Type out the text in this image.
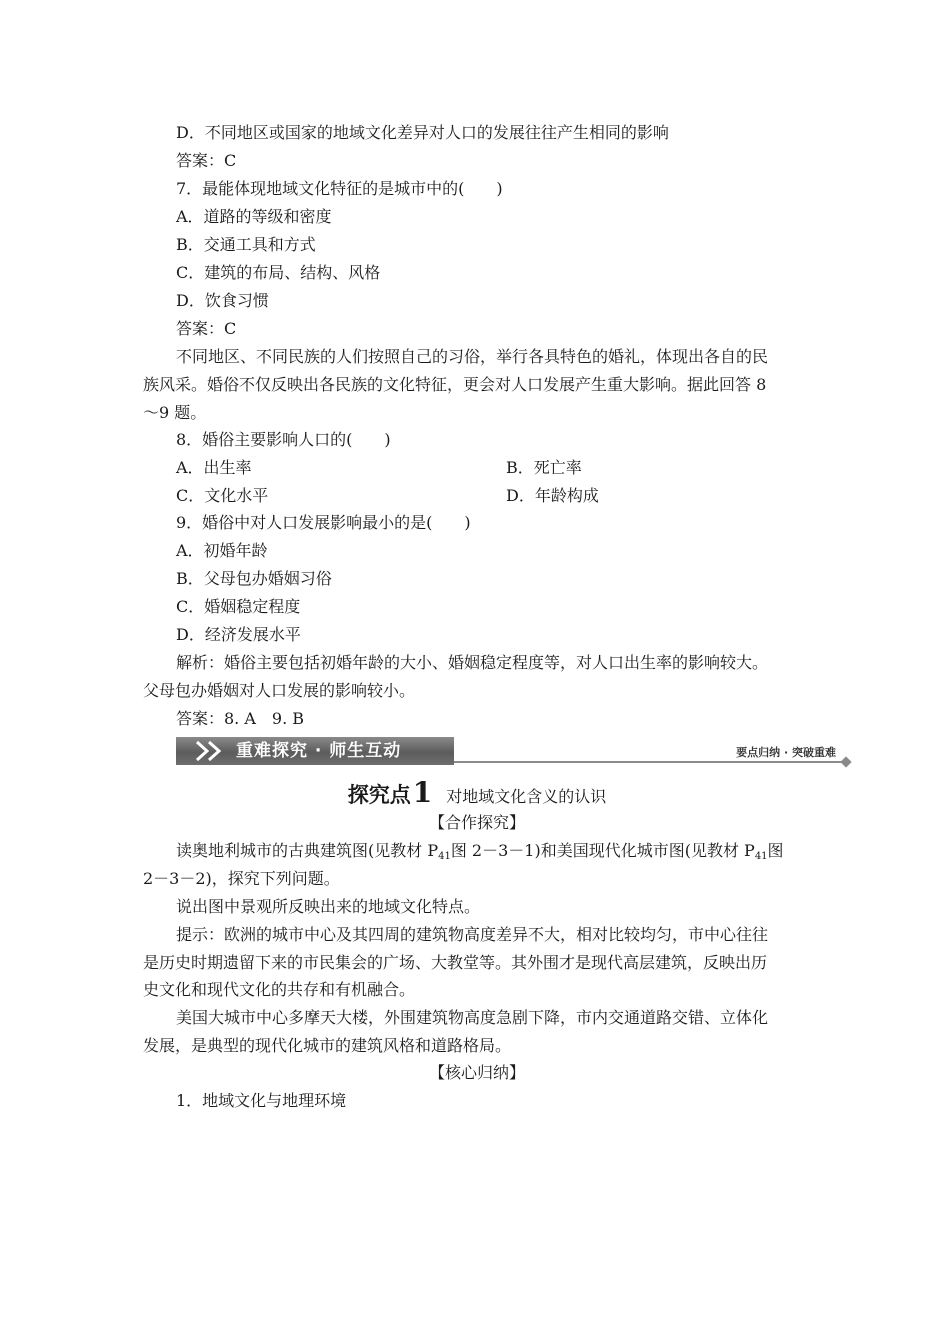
D．不同地区或国家的地域文化差异对人口的发展往往产生相同的影响
答案：C
7．最能体现地域文化特征的是城市中的(　　)
A．道路的等级和密度
B．交通工具和方式
C．建筑的布局、结构、风格
D．饮食习惯
答案：C
不同地区、不同民族的人们按照自己的习俗，举行各具特色的婚礼，体现出各自的民
族风采。婚俗不仅反映出各民族的文化特征，更会对人口发展产生重大影响。据此回答 8
～9 题。
8．婚俗主要影响人口的(　　)
A．出生率	B．死亡率
C．文化水平	D．年龄构成
9．婚俗中对人口发展影响最小的是(　　)
A．初婚年龄
B．父母包办婚姻习俗
C．婚姻稳定程度
D．经济发展水平
解析：婚俗主要包括初婚年龄的大小、婚姻稳定程度等，对人口出生率的影响较大。
父母包办婚姻对人口发展的影响较小。
答案：8. A　9. B
重难探究 · 师生互动	要点归纳 · 突破重难
探究点1 对地域文化含义的认识
【合作探究】
读奥地利城市的古典建筑图(见教材 $P_{41}$图 2－3－1)和美国现代化城市图(见教材 $P_{41}$图
2－3－2)，探究下列问题。
说出图中景观所反映出来的地域文化特点。
提示：欧洲的城市中心及其四周的建筑物高度差异不大，相对比较均匀，市中心往往
是历史时期遗留下来的市民集会的广场、大教堂等。其外围才是现代高层建筑，反映出历
史文化和现代文化的共存和有机融合。
美国大城市中心多摩天大楼，外围建筑物高度急剧下降，市内交通道路交错、立体化
发展，是典型的现代化城市的建筑风格和道路格局。
【核心归纳】
1．地域文化与地理环境
